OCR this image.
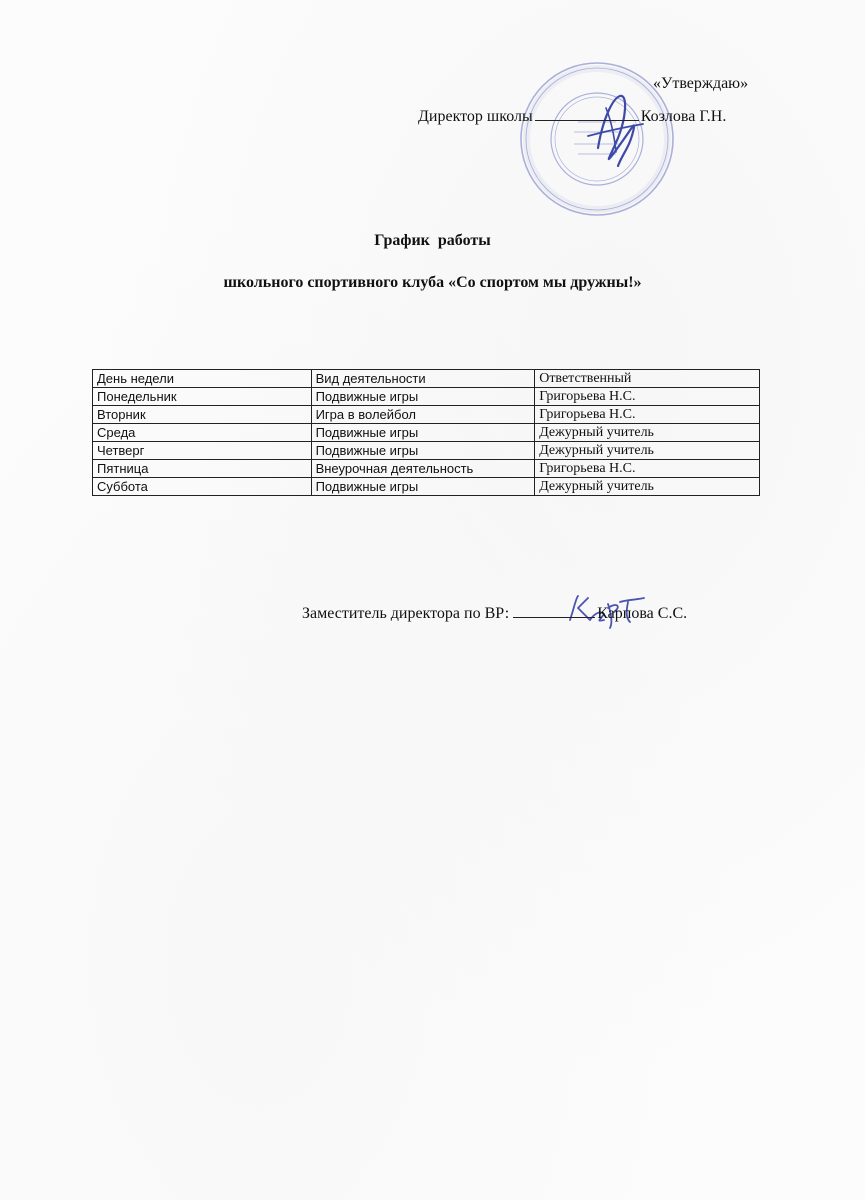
«Утверждаю»
Директор школы	Козлова Г.Н.
График  работы
школьного спортивного клуба «Со спортом мы дружны!»
День недели	Вид деятельности	Ответственный
Понедельник	Подвижные игры	Григорьева Н.С.
Вторник	Игра в волейбол	Григорьева Н.С.
Среда	Подвижные игры	Дежурный учитель
Четверг	Подвижные игры	Дежурный учитель
Пятница	Внеурочная деятельность	Григорьева Н.С.
Суббота	Подвижные игры	Дежурный учитель
Заместитель директора по ВР:	Карпова С.С.
